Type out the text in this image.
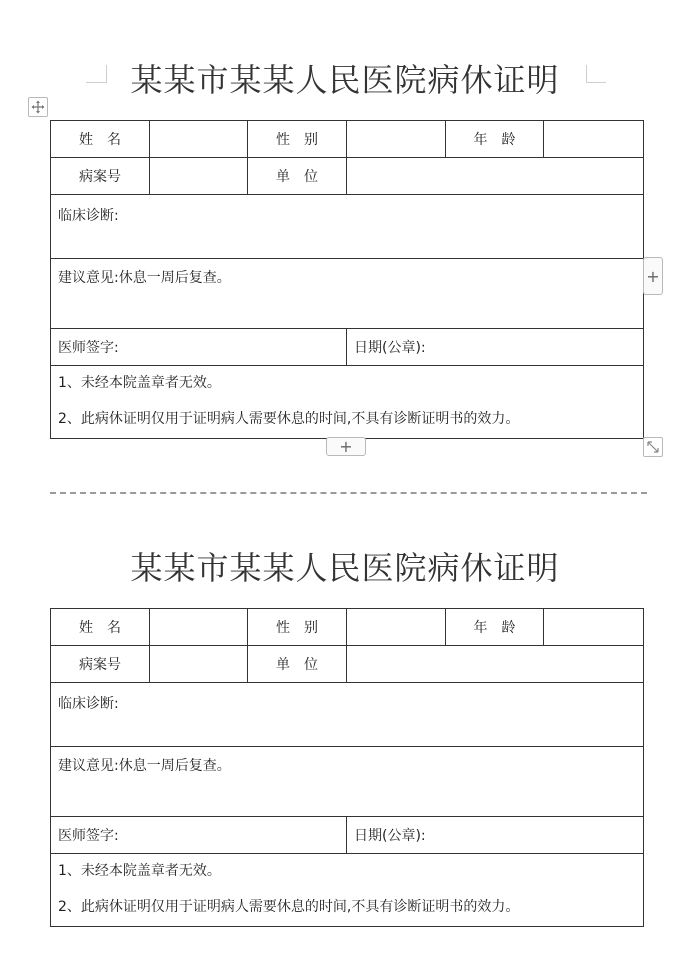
某某市某某人民医院病休证明
姓　名		性　别		年　龄	
病案号		单　位			
临床诊断:					
建议意见:休息一周后复查。					
医师签字:			日期(公章):		

1、未经本院盖章者无效。
2、此病休证明仅用于证明病人需要休息的时间,不具有诊断证明书的效力。					
+
+
某某市某某人民医院病休证明
姓　名		性　别		年　龄	
病案号		单　位			
临床诊断:					
建议意见:休息一周后复查。					
医师签字:			日期(公章):		

1、未经本院盖章者无效。
2、此病休证明仅用于证明病人需要休息的时间,不具有诊断证明书的效力。					
